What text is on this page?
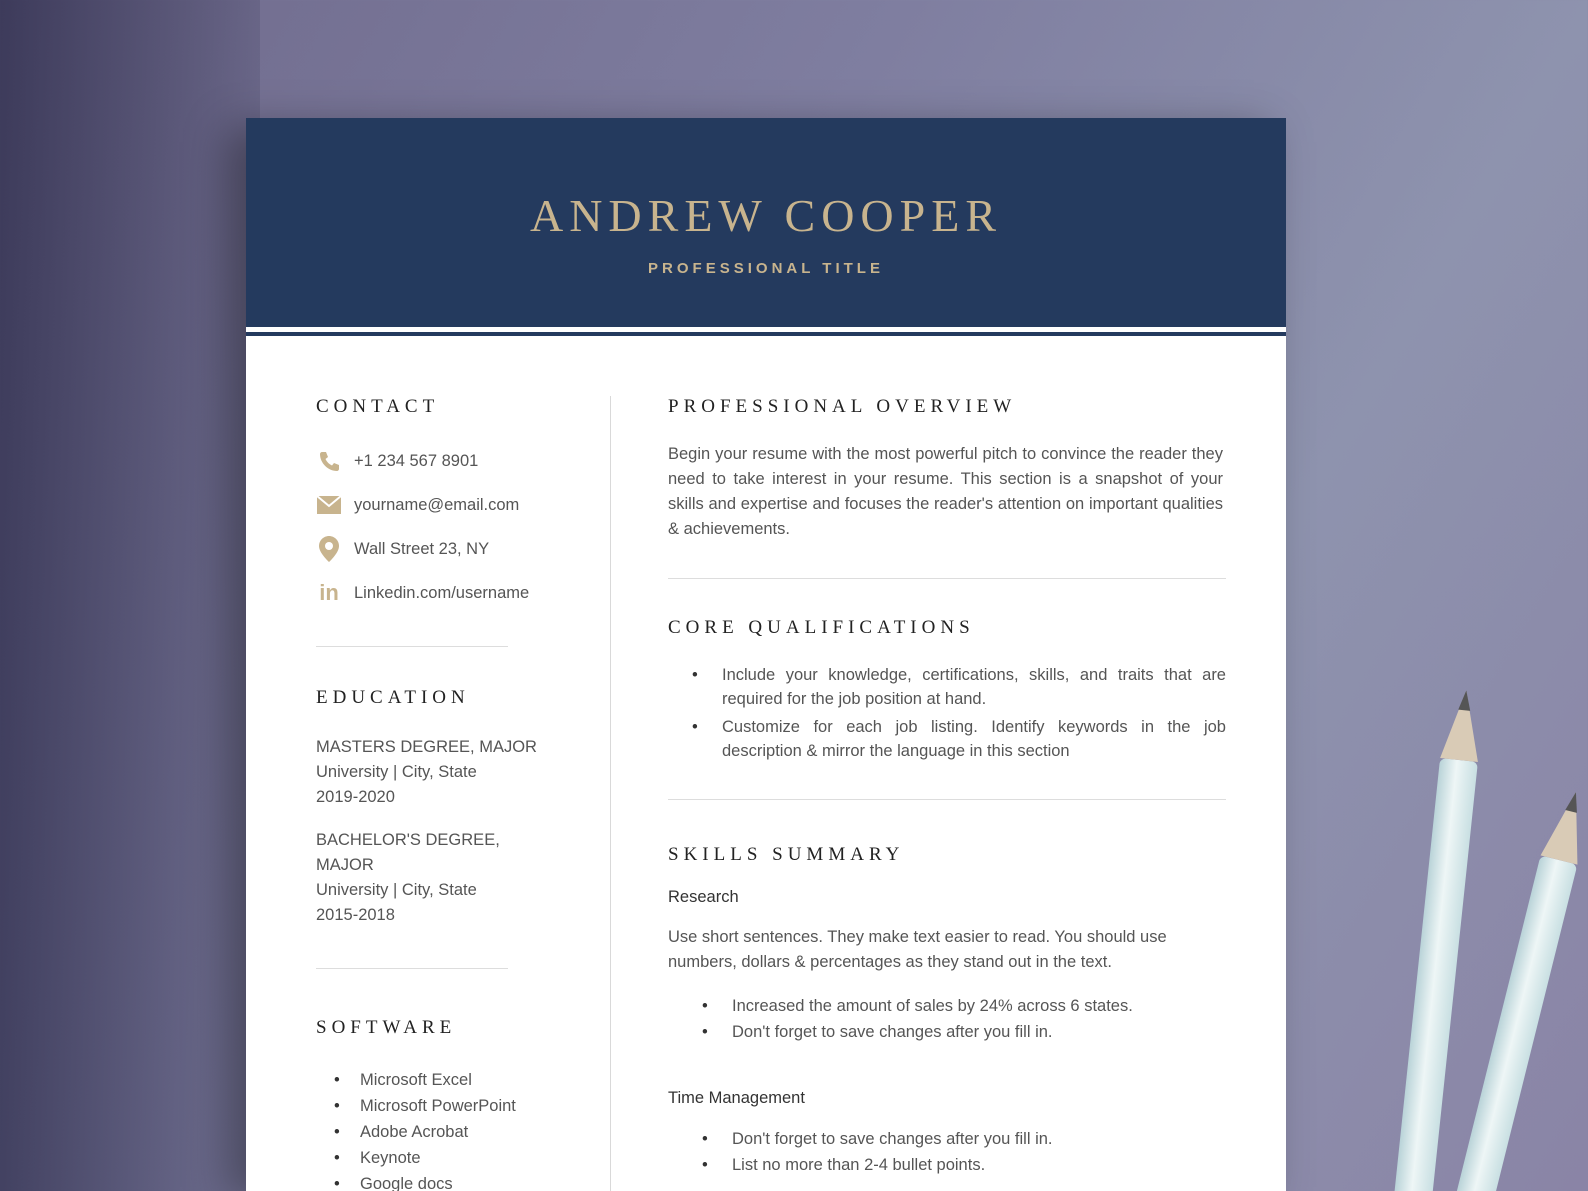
ANDREW COOPER
PROFESSIONAL TITLE
CONTACT
+1 234 567 8901
yourname@email.com
Wall Street 23, NY
in Linkedin.com/username
EDUCATION
MASTERS DEGREE, MAJOR
University | City, State
2019-2020
BACHELOR'S DEGREE, MAJOR
University | City, State
2015-2018
SOFTWARE
• Microsoft Excel
• Microsoft PowerPoint
• Adobe Acrobat
• Keynote
• Google docs
PROFESSIONAL OVERVIEW
Begin your resume with the most powerful pitch to convince the reader they need to take interest in your resume. This section is a snapshot of your skills and expertise and focuses the reader's attention on important qualities & achievements.
CORE QUALIFICATIONS
• Include your knowledge, certifications, skills, and traits that are required for the job position at hand.
• Customize for each job listing. Identify keywords in the job description & mirror the language in this section
SKILLS SUMMARY
Research
Use short sentences. They make text easier to read. You should use numbers, dollars & percentages as they stand out in the text.
• Increased the amount of sales by 24% across 6 states.
• Don't forget to save changes after you fill in.
Time Management
• Don't forget to save changes after you fill in.
• List no more than 2-4 bullet points.
